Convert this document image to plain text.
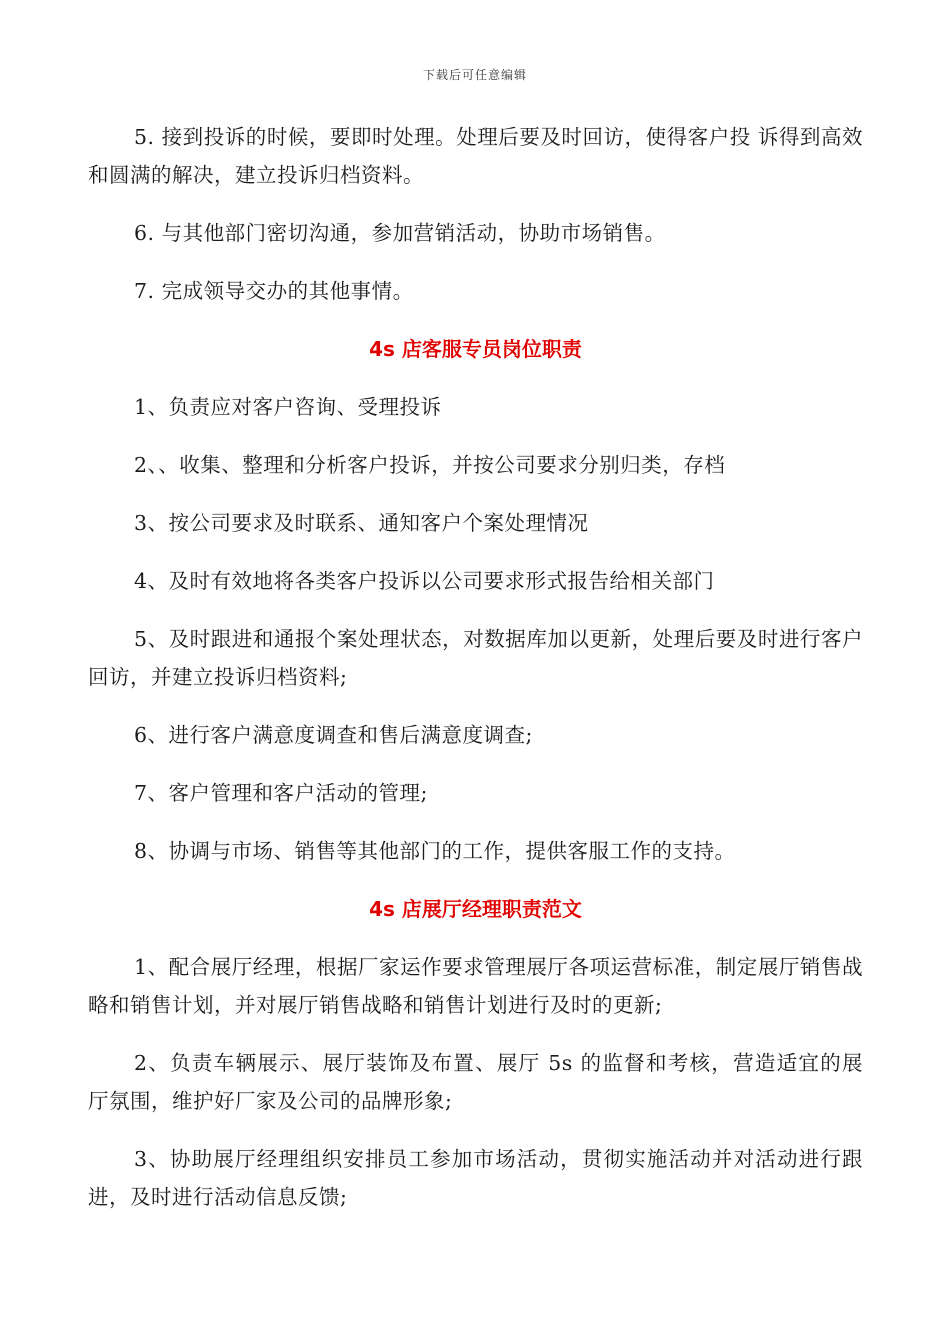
下载后可任意编辑

5. 接到投诉的时候，要即时处理。处理后要及时回访，使得客户投 诉得到高效和圆满的解决，建立投诉归档资料。

6. 与其他部门密切沟通，参加营销活动，协助市场销售。

7. 完成领导交办的其他事情。

4s 店客服专员岗位职责

1、负责应对客户咨询、受理投诉

2、、收集、整理和分析客户投诉，并按公司要求分别归类，存档

3、按公司要求及时联系、通知客户个案处理情况

4、及时有效地将各类客户投诉以公司要求形式报告给相关部门

5、及时跟进和通报个案处理状态，对数据库加以更新，处理后要及时进行客户回访，并建立投诉归档资料;

6、进行客户满意度调查和售后满意度调查;

7、客户管理和客户活动的管理;

8、协调与市场、销售等其他部门的工作，提供客服工作的支持。

4s 店展厅经理职责范文

1、配合展厅经理，根据厂家运作要求管理展厅各项运营标准，制定展厅销售战略和销售计划，并对展厅销售战略和销售计划进行及时的更新;

2、负责车辆展示、展厅装饰及布置、展厅 5s 的监督和考核，营造适宜的展 厅氛围，维护好厂家及公司的品牌形象;

3、协助展厅经理组织安排员工参加市场活动，贯彻实施活动并对活动进行跟进，及时进行活动信息反馈;
